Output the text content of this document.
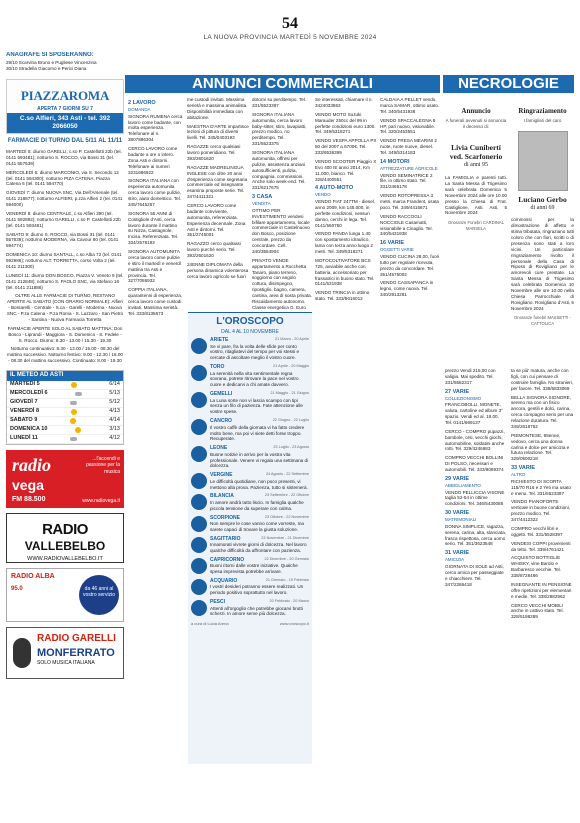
54
LA NUOVA PROVINCIA MARTEDÌ 5 NOVEMBRE 2024
ANAGRAFE SI SPOSERANNO:
29/10 Scarvina Bruno e Pugliese Vincenzina
30/10 Stradella Giacomo e Perici Diana
PIAZZAROMA
APERTA 7 GIORNI SU 7
C.so Alfieri, 343 Asti - tel. 392 2066050
FARMACIE DI TURNO DAL 5/11 AL 11/11
MARTEDÌ 5: diurno GARELLI, c.so P. Castellotti 22b (tel. 0141 593481); notturno S. ROCCO, via Bossi 31 (tel. 0141 557639)
MERCOLEDÌ 6: diurno MARCONIO, via S. Secondo 12 (tel. 0141 594300); notturno PIZA CATENA, Piazza Catena 6 (tel. 0141 594770)
GIOVEDÌ 7: diurno NUOVA SNC, Via Dell'Arsenale (tel. 0141 218877); notturno ALFIERI, p.zza Alfieri 2 (tel. 0141 594000)
VENERDÌ 8: diurno CENTRALE, c.so Alfieri 390 (tel. 0141 592892); notturno GARELLI, c.so P. Castellotti 22b (tel. 0141 593481)
SABATO 9: diurno S. ROCCO, via Bossi 31 (tel. 0141 557639); notturno MODERNA, via Cavour 80 (tel. 0141 594774)
DOMENICA 10: diurno SANTALL, c.so Alba 72 (tel. 0141 592986); notturno ALT. TORRETTA, corso Volta 2 (tel. 0141 211300)
LUNEDÌ 11: diurno DON BOSCO, Piazza V. Veneto 9 (tel. 0141 212848); notturno S. PAOLO SNC, via Stefano 16 (tel. 0141 211888)
OLTRE ALLE FARMACIE DI TURNO, RESTANO APERTE AL SABATO (CON ORARIO NORMALE): Alfieri - Borsarelli - Centrale - S.ca - Garelli - Moderna - Nuova SNC - P.za Catena - P.za Roma - S. Lazzaro - San Pietro - Santina - Nuova Farmacia Torretta
FARMACIE APERTE SOLO AL SABATO MATTINA: Don Bosco - Liprandi - Maggiora - S. Domenico - S. Fedele - S. Rocco. Diurno: 8.30 - 13.00 / 15.30 - 19.30
Notturno continuativo: 8.30 - 13.00 / 15.00 - 08.30 del mattino successivo. Notturno festivo: 9.00 - 12.30 / 16.00 - 08.30 del mattino successivo. Continuato: 8.00 - 19.30
IL METEO AD ASTI
MARTEDÌ 5	6/14
MERCOLEDÌ 6	5/13
GIOVEDÌ 7	5/12
VENERDÌ 8	4/13
SABATO 9	4/14
DOMENICA 10	3/13
LUNEDÌ 11	4/12
radio
vega
...l'accendi e passione per la musica
FM 88.500	www.radiovega.it
RADIO
VALLEBELBO
WWW.RADIOVALLEBELBO.IT
RADIO ALBA
95.0	da 46 anni al vostro servizio
RADIO GARELLI
MONFERRATO
SOLO MUSICA ITALIANA
ANNUNCI COMMERCIALI	NECROLOGIE
2 LAVORO
DOMANDA
SIGNORA RUMENA cerca lavoro come badante, con molta esperienza. Telefonare al n. 3807886304
CERCO LAVORO come badante a ore o intero. Zona Asti e dintorni. Telefonare ai numeri 3231686922
SIGNORA ITALIANA con esperienza automunita cerca lavoro come pulizie, stiro, aiuto domestico. Tel. 345/7645257
SIGNORA 55 ANNI di Costigliole d'Asti, cerca lavoro durante il mattino su Nizza, Castagnole, Incisa. Referenziata. Tel. 334/2578192
SIGNORA AUTOMUNITA cerca lavoro come pulizie e stiro il martedì e venerdì mattina tra Asti e provincia. Tel. 327/7086932
COPPIA ITALIANA, quarantenni di esperienza, cerca lavoro come custodi invitati. Massima serietà. Tel. 333/8135673
me custodi invitati. Massima serietà e massima animalista. Disponibilità immediata con abitazione.
MAESTRA D'ARTE impartisce lezioni di pittura di diversi livelli. Tel. 345/0403193
RAGAZZE cerco qualsiasi lavoro pomeridiano. Tel. 393/2601620
RAGAZZE MADRELINGUA INGLESE con oltre 20 anni d'esperienza come segretaria commerciale ed insegnante esamina proposte serie. Tel. 347/4411321
CERCO LAVORO come badante convivente, automunita, referenziata. Esperienza decennale. Zona Asti e dintorni. Tel. 351/2745001
RAGAZZO cerco qualsiasi lavoro purché serio. Tel. 393/2601620
24ENNE DIPLOMATA della persona dinamica volenterosa cerca lavoro agricolo se fuori
dotorni su perditempo. Tel. 331/5523397
SIGNORA ITALIANA automunita, cerca lavoro baby-sitter, stiro, lavapiatti, prezzo modico, no perditempo. Tel. 331/5523375
SIGNORA ITALIANA automunita, offresi per pulizie, assistenza anziani autosufficienti, pulizia, compagnia, commissioni. Anche solo week-end. Tel. 331/6217675
3 CASA
VENDITA
OTTIMO PER INVESTIMENTO vendesi bifilare appartamento, locale commerciale in Castelnuovo don Bosco, posizione centrale, prezzo da concordare. Cell. 340/3554904
PRIVATO VENDE appartamento a Rocchetta Tanaro, piano terreno, soggiorno con angolo cottura, disimpegno, ripostiglio, bagno, camera, cantina, area di sosta privata. Riscaldamento autonomo. Classe energetica G. Euro
Se interessati, chiamare il n. 3424033863
VENDO MOTO Suzuki Marauder 250cc del 99 in perfette condizioni euro 1300. Tel. 349/5318271
VENDO VESPA APPOLLA PX 50 del 2007 a 6700€. Tel. 333/6536399
VENDO SCOOTER Piaggio X Evo 400 IE anno 2014, Km 11.000, bianco. Tel. 328/4400551
4 AUTO-MOTO
VENDO
VENDO FIAT 247TM - diesel, anno 2009, km 145.000, in perfette condizioni, nessun danno, cerchi in lega. Tel. 0141/560750
VENDO PANDA lunga 1.40 con spostamento idraulico, lama con terza anno luogo 2 metri. Tel. 349/5318271
MOTOCOLTIVATORE BCS 725, avviabile anche con batteria, accessoriato per frassatrici in buono stato. Tel. 0141/531938
VENDO TRINCIA in ottimo stato. Tel. 333/5616012
CALDAIA A PELLET vendo, marca SAMAR, ottimo usato. Tel. 340/5431938
VENDO SPACCALEGNA 8 HP, pari nuovo, visionabile. Tel. 320/2453551
VENDO FRESA MEARINI 2 ruote, ruote nuove, diesel. Tel. 349/5314183
14 MOTORI
ATTREZZATURE AGRICOLE
VENDO SEMINATRICE 2 file, in ottimo stato. Tel. 331/2465178
VENDO ROTOPRESSA 3 metri, marca Frandent, usata poco. Tel. 349/4415671
VENDO RACCOGLI NOCCIOLE Casamatti, visionabile a Cinaglio. Tel. 340/5431938
16 VARIE
OGGETTI VARIE
VENDO CUCINA 28,00, fuori tutto per regolare ricevuta, prezzo da concordare. Tel. 351/4575002
VENDO CASSAPANCA in legno, come nuova. Tel. 340/2913281
L'OROSCOPO
DAL 4 AL 10 NOVEMBRE
ARIETE	21 Marzo - 20 Aprile
Se vi pare, fra la volta delle sfide per conto vostro, ritagliatevi del tempo per voi stessi e cercate di ascoltare meglio il vostro cuore.
TORO	21 Aprile - 20 Maggio
La serenità nella vita sentimentale regna sovrana, potrete ritrovare la pace nel vostro cuore e dedicarvi a chi amate davvero.
GEMELLI	21 Maggio - 21 Giugno
La Luna sorte non vi lascia scampo con tipi senza un filo di pazienza. Fate attenzione alle vostre spese.
CANCRO	22 Giugno - 22 Luglio
Il vostro caffè della giornata vi ha fatto credere molto bene, ma poi vi siete detti forse troppo. Recuperate.
LEONE	23 Luglio - 23 Agosto
Buone notizie in arrivo per la vostra vita professionale. Venere vi regala una settimana di dolcezza.
VERGINE	24 Agosto - 22 Settembre
Le difficoltà quotidiane, non poco presenti, vi mettono alla prova. Pazienza, tutto si sistemerà.
BILANCIA	23 Settembre - 22 Ottobre
In amore andrà tutto liscio. In famiglia qualche piccola tensione da superare con calma.
SCORPIONE	23 Ottobre - 22 Novembre
Non sempre le cose vanno come vorreste, ma sarete capaci di trovare la giusta soluzione.
SAGITTARIO	23 Novembre - 21 Dicembre
Innamorati vivrete giorni di dolcezza. Nel lavoro qualche difficoltà da affrontare con pazienza.
CAPRICORNO	22 Dicembre - 20 Gennaio
Buoni ritorni dalle vostre iniziative. Qualche spesa imprevista potrebbe arrivare.
ACQUARIO	21 Gennaio - 19 Febbraio
I vostri desideri potranno essere realizzati. Un periodo positivo soprattutto nel lavoro.
PESCI	20 Febbraio - 20 Marzo
Attenti all'orgoglio che potrebbe giocarvi brutti scherzi. In amore serve più dolcezza.
a cura di Lucia Arena	www.oroscopo.it
Annuncio
A funerali avvenuti si annuncia il decesso di:
Livia Cunibertí ved. Scarfonerio
di anni 95
La FAMIGLIA e parenti tutti. La Santa Messa di Trigesimo sarà celebrata Domenica 5 Novembre 2024 alle ore 10.00 presso la Chiesa di Frat. Castiglione, Asti. Asti, 5 Novembre 2024
Onoranze Funebri CARDINAL MARSELA
Ringraziamento
I famigliari del caro
Luciano Gerbo
di anni 69
commossi per la dimostrazione di affetto e stima tributata, ringraziano tutti coloro che con fiori, scritti o di presenza sono stati a loro vicini. Un particolare ringraziamento rivolto il personale della Casa di Riposo di Rovigliano per le amorevoli cure prestate. La Santa Messa di Trigesimo sarà celebrata Domenica 10 Novembre alle ore 10.00 nella Chiesa Parrocchiale di Rovigliano. Rovigliano d'Asti, 5 Novembre 2024
Onoranze funebri MASSETTI - CATTOLICA
prezzo Vendi 215,00 con valigia. Mai spedito. Tel. 331/5582317
27 VARIE
COLLEZIONISMO
FRANCOBOLLI, MONETE, valuta, cartoline ed album 3° spazio. Vendi ed al. 18.00. Tel. 0141/669137
CERCO - COMPRO pupazzi, bambole, orsi, vecchi giochi, automobiline, soldatini anche rotti. Tel. 329/4246683
COMPRO VECCHI BOLLINI DI POLSO, necessari e automobili. Tel. 333/9089374
29 VARIE
ABBIGLIAMENTO
VENDO PELLICCIA VISONE taglia 52-54 in ottime condizioni. Tel. 346/5430088
30 VARIE
MATRIMONIALI
DONNA SIMPLICE, ragazza, serena, carina, alta, slanciata, frasca rispettosa, cerca uomo serio. Tel. 351/3623548
31 VARIE
AMICIZIA
GIORNATA DI SOLE ad Asti, cerco amica per passeggiate e chiacchiere. Tel. 347/2286418
ta se più' matura, anche con figli, con cui pensare di costruire famiglia. No stranieri, per favore. Tel. 338/6833069
BELLA SIGNORA SIGNORE, sereno ma con un fisico ancora, gentili e dolci, carina, cerca compagno serio per una relazione duratura. Tel. 349/2618752
PIEMONTESE, 65enne, vedovo, cerca una donna carina e dolce per amicizia e futura relazione. Tel. 329/0500218
33 VARIE
ALTRO
RICHIESTO DI SCORTA 115/70 R16 e 2 Yeti ma usato e meno. Tel. 331/5523397
VENDO PIANOFORTE verticale in buone condizioni, prezzo modico. Tel. 347/4412322
COMPRO vecchi libri e oggetti. Tel. 331/5528397
VENDESI COPPI provenienti da tetto. Tel. 339/4761421
ACQUISTO BOTTIGLIE WHISKY, vine Barolo e Barbaresco vecchie. Tel. 338/8728466
INSEGNANTE IN PENSIONE offre ripetizioni per elementari e medie. Tel. 338/2882962
CERCO VECCHI MOBILI anche in cattivo stato. Tel. 328/5198289
